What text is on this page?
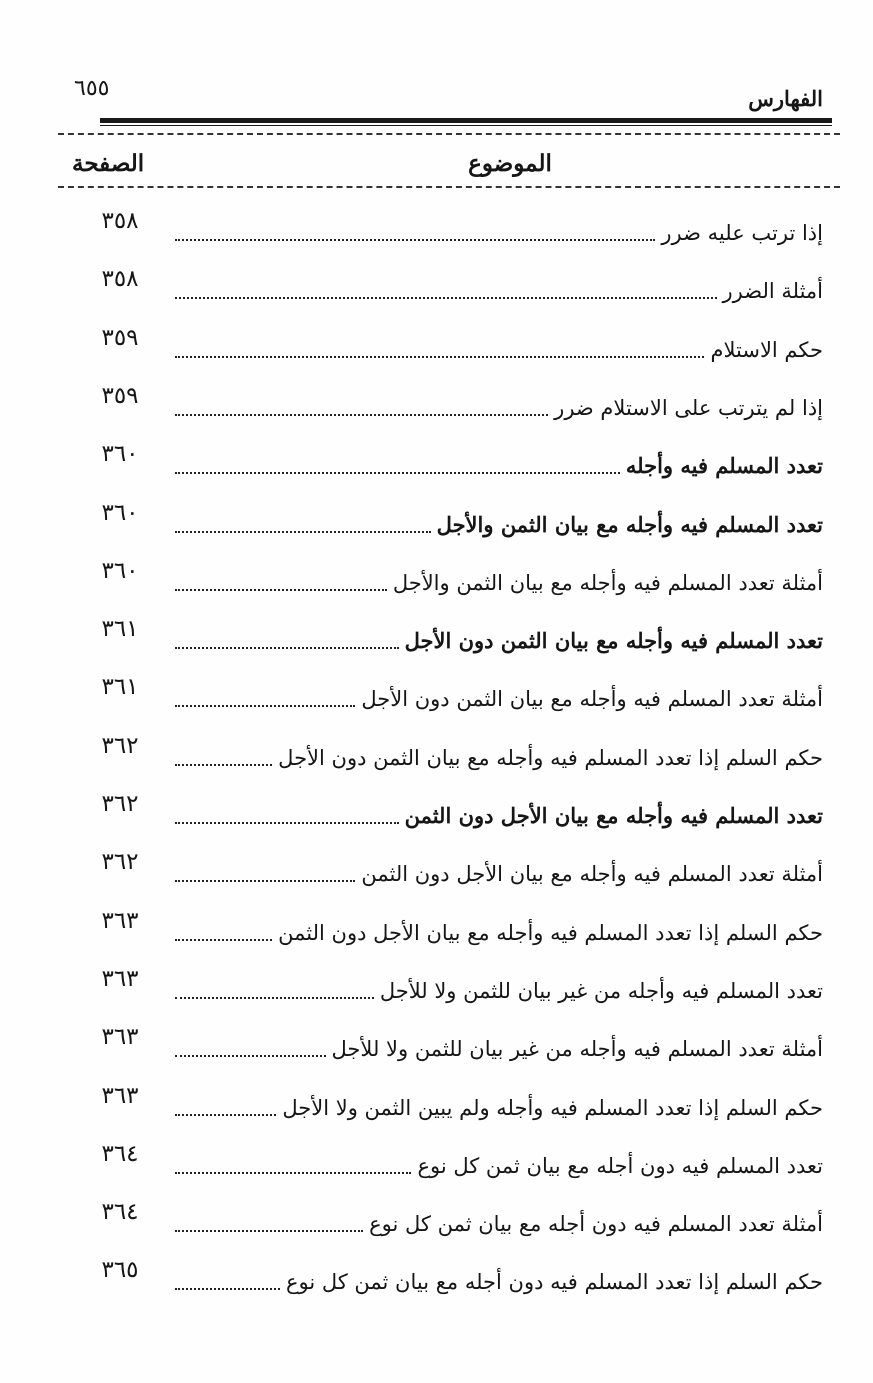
الفهارس
٦٥٥
الموضوع
الصفحة
إذا ترتب عليه ضرر
٣٥٨
أمثلة الضرر
٣٥٨
حكم الاستلام
٣٥٩
إذا لم يترتب على الاستلام ضرر
٣٥٩
تعدد المسلم فيه وأجله
٣٦٠
تعدد المسلم فيه وأجله مع بيان الثمن والأجل
٣٦٠
أمثلة تعدد المسلم فيه وأجله مع بيان الثمن والأجل
٣٦٠
تعدد المسلم فيه وأجله مع بيان الثمن دون الأجل
٣٦١
أمثلة تعدد المسلم فيه وأجله مع بيان الثمن دون الأجل
٣٦١
حكم السلم إذا تعدد المسلم فيه وأجله مع بيان الثمن دون الأجل
٣٦٢
تعدد المسلم فيه وأجله مع بيان الأجل دون الثمن
٣٦٢
أمثلة تعدد المسلم فيه وأجله مع بيان الأجل دون الثمن
٣٦٢
حكم السلم إذا تعدد المسلم فيه وأجله مع بيان الأجل دون الثمن
٣٦٣
تعدد المسلم فيه وأجله من غير بيان للثمن ولا للأجل
٣٦٣
أمثلة تعدد المسلم فيه وأجله من غير بيان للثمن ولا للأجل
٣٦٣
حكم السلم إذا تعدد المسلم فيه وأجله ولم يبين الثمن ولا الأجل
٣٦٣
تعدد المسلم فيه دون أجله مع بيان ثمن كل نوع
٣٦٤
أمثلة تعدد المسلم فيه دون أجله مع بيان ثمن كل نوع
٣٦٤
حكم السلم إذا تعدد المسلم فيه دون أجله مع بيان ثمن كل نوع
٣٦٥
